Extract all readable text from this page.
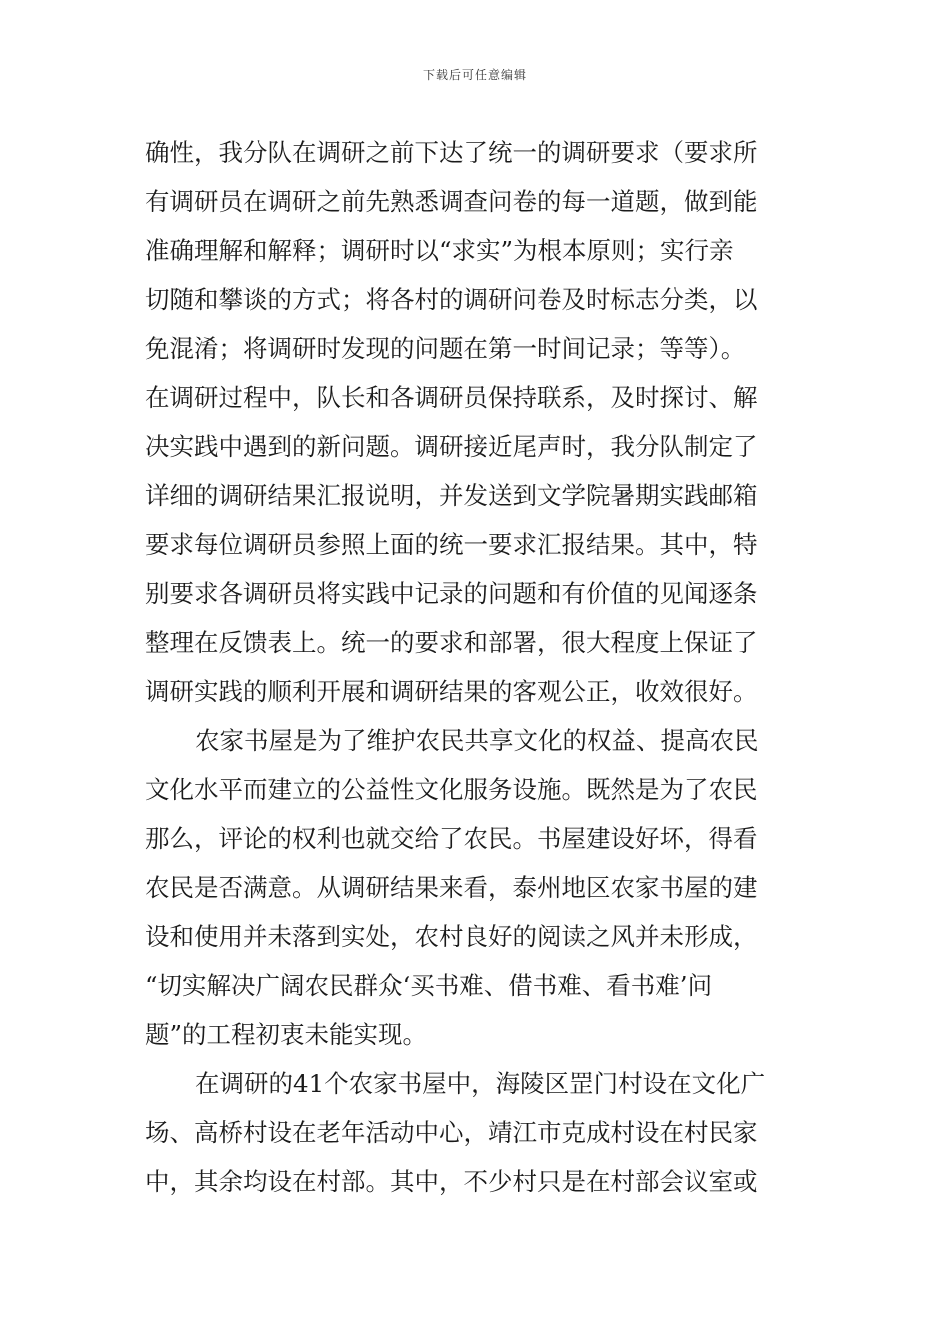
下载后可任意编辑
确性，我分队在调研之前下达了统一的调研要求（要求所
有调研员在调研之前先熟悉调查问卷的每一道题，做到能
准确理解和解释；调研时以“求实”为根本原则；实行亲
切随和攀谈的方式；将各村的调研问卷及时标志分类，以
免混淆；将调研时发现的问题在第一时间记录；等等）。
在调研过程中，队长和各调研员保持联系，及时探讨、解
决实践中遇到的新问题。调研接近尾声时，我分队制定了
详细的调研结果汇报说明，并发送到文学院暑期实践邮箱
要求每位调研员参照上面的统一要求汇报结果。其中，特
别要求各调研员将实践中记录的问题和有价值的见闻逐条
整理在反馈表上。统一的要求和部署，很大程度上保证了
调研实践的顺利开展和调研结果的客观公正，收效很好。
农家书屋是为了维护农民共享文化的权益、提高农民
文化水平而建立的公益性文化服务设施。既然是为了农民
那么，评论的权利也就交给了农民。书屋建设好坏，得看
农民是否满意。从调研结果来看，泰州地区农家书屋的建
设和使用并未落到实处，农村良好的阅读之风并未形成，
“切实解决广阔农民群众‘买书难、借书难、看书难’问
题”的工程初衷未能实现。
在调研的41个农家书屋中，海陵区罡门村设在文化广
场、高桥村设在老年活动中心，靖江市克成村设在村民家
中，其余均设在村部。其中，不少村只是在村部会议室或
